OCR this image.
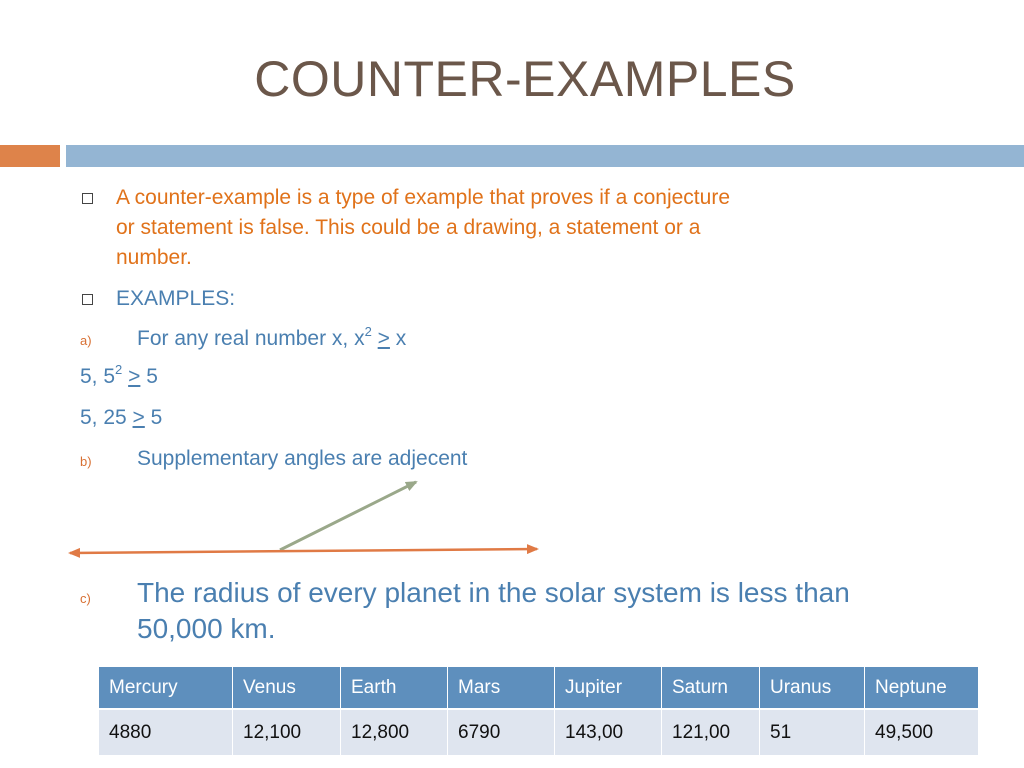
COUNTER-EXAMPLES
A counter-example is a type of example that proves if a conjecture
or statement is false. This could be a drawing, a statement or a
number.
EXAMPLES:
a) For any real number x, $x^2 > x$
5, $5^2 > 5$
5, 25 > 5
b) Supplementary angles are adjecent
c) The radius of every planet in the solar system is less than
50,000 km.
Mercury	Venus	Earth	Mars	Jupiter	Saturn	Uranus	Neptune
4880	12,100	12,800	6790	143,00	121,00	51	49,500
